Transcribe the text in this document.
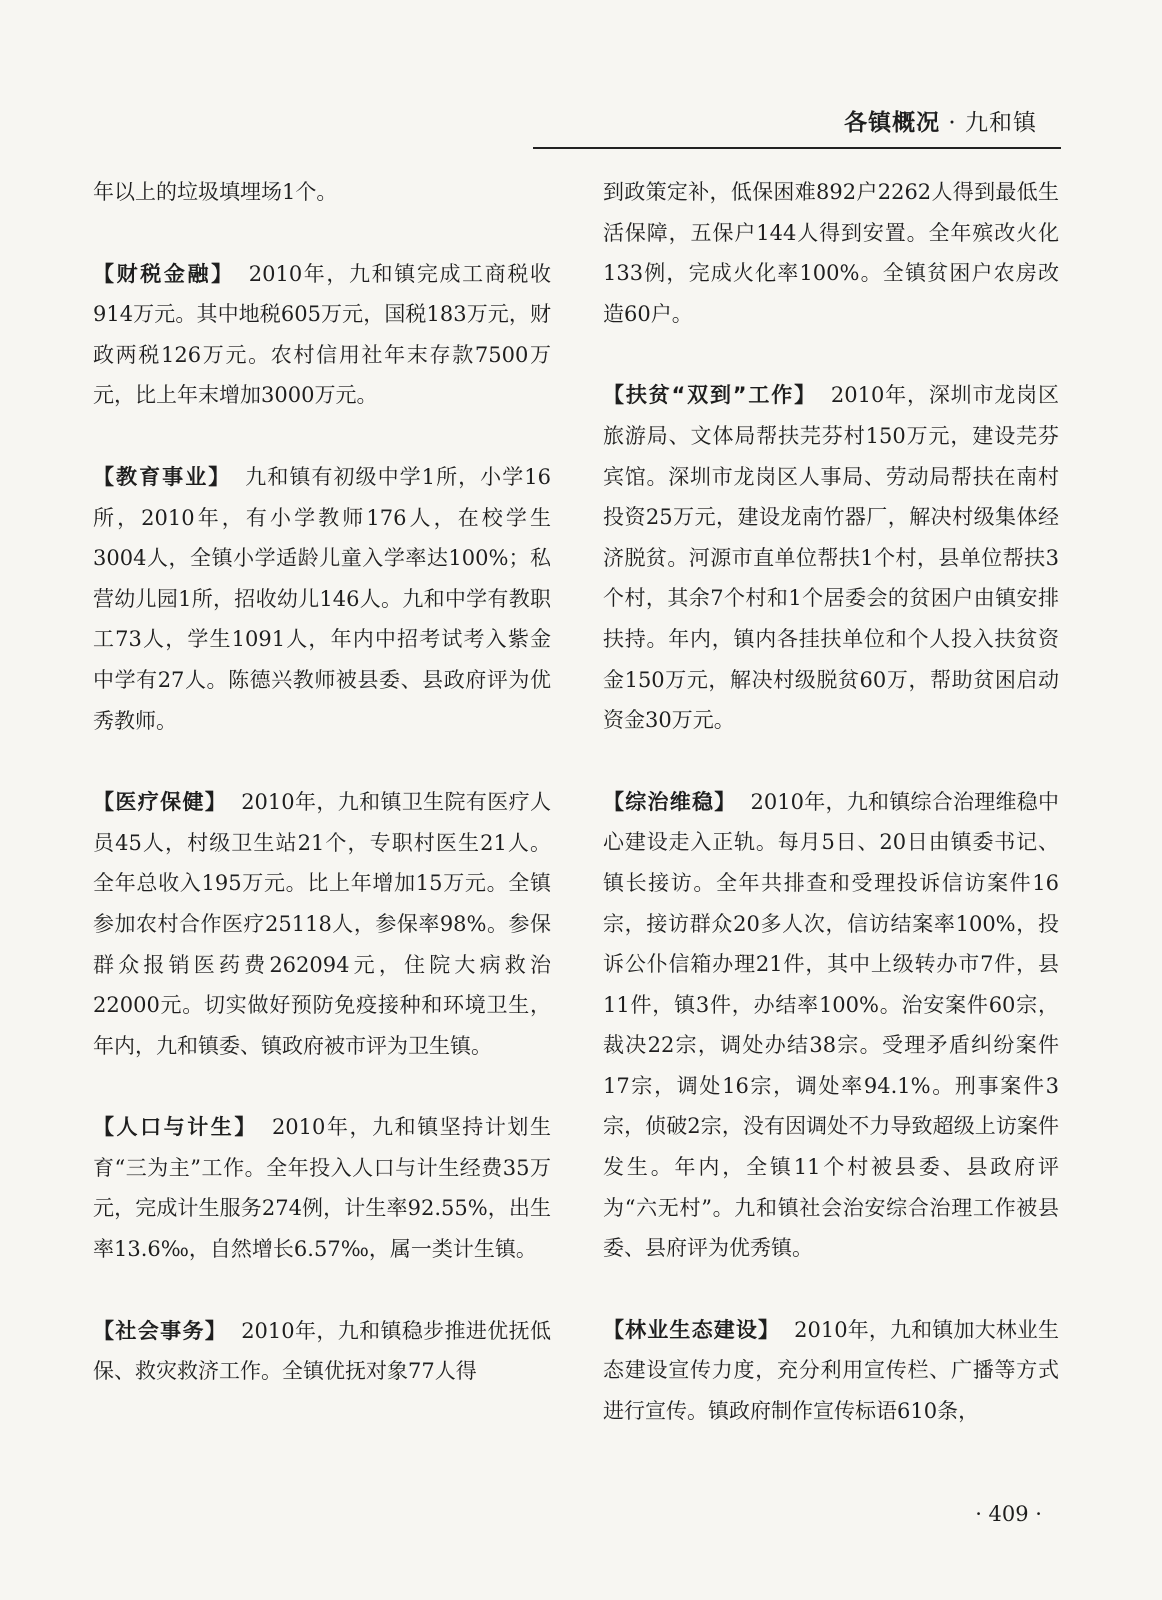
各镇概况 · 九和镇

年以上的垃圾填埋场1个。

【财税金融】 2010年，九和镇完成工商税收914万元。其中地税605万元，国税183万元，财政两税126万元。农村信用社年末存款7500万元，比上年末增加3000万元。

【教育事业】 九和镇有初级中学1所，小学16所，2010年，有小学教师176人，在校学生3004人，全镇小学适龄儿童入学率达100%；私营幼儿园1所，招收幼儿146人。九和中学有教职工73人，学生1091人，年内中招考试考入紫金中学有27人。陈德兴教师被县委、县政府评为优秀教师。

【医疗保健】 2010年，九和镇卫生院有医疗人员45人，村级卫生站21个，专职村医生21人。全年总收入195万元。比上年增加15万元。全镇参加农村合作医疗25118人，参保率98%。参保群众报销医药费262094元，住院大病救治22000元。切实做好预防免疫接种和环境卫生，年内，九和镇委、镇政府被市评为卫生镇。

【人口与计生】 2010年，九和镇坚持计划生育“三为主”工作。全年投入人口与计生经费35万元，完成计生服务274例，计生率92.55%，出生率13.6‰，自然增长6.57‰，属一类计生镇。

【社会事务】 2010年，九和镇稳步推进优抚低保、救灾救济工作。全镇优抚对象77人得

到政策定补，低保困难892户2262人得到最低生活保障，五保户144人得到安置。全年殡改火化133例，完成火化率100%。全镇贫困户农房改造60户。

【扶贫“双到”工作】 2010年，深圳市龙岗区旅游局、文体局帮扶芫芬村150万元，建设芫芬宾馆。深圳市龙岗区人事局、劳动局帮扶在南村投资25万元，建设龙南竹器厂，解决村级集体经济脱贫。河源市直单位帮扶1个村，县单位帮扶3个村，其余7个村和1个居委会的贫困户由镇安排扶持。年内，镇内各挂扶单位和个人投入扶贫资金150万元，解决村级脱贫60万，帮助贫困启动资金30万元。

【综治维稳】 2010年，九和镇综合治理维稳中心建设走入正轨。每月5日、20日由镇委书记、镇长接访。全年共排查和受理投诉信访案件16宗，接访群众20多人次，信访结案率100%，投诉公仆信箱办理21件，其中上级转办市7件，县11件，镇3件，办结率100%。治安案件60宗，裁决22宗，调处办结38宗。受理矛盾纠纷案件17宗，调处16宗，调处率94.1%。刑事案件3宗，侦破2宗，没有因调处不力导致超级上访案件发生。年内，全镇11个村被县委、县政府评为“六无村”。九和镇社会治安综合治理工作被县委、县府评为优秀镇。

【林业生态建设】 2010年，九和镇加大林业生态建设宣传力度，充分利用宣传栏、广播等方式进行宣传。镇政府制作宣传标语610条，

· 409 ·
